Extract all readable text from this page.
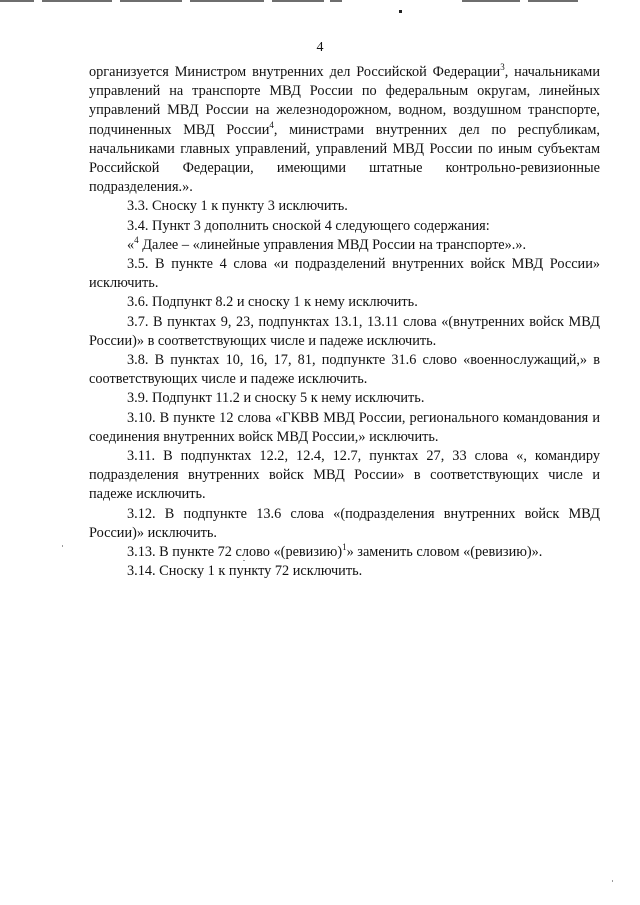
4

организуется Министром внутренних дел Российской Федерации$^3$, начальниками управлений на транспорте МВД России по федеральным округам, линейных управлений МВД России на железнодорожном, водном, воздушном транспорте, подчиненных МВД России$^4$, министрами внутренних дел по республикам, начальниками главных управлений, управлений МВД России по иным субъектам Российской Федерации, имеющими штатные контрольно-ревизионные подразделения.».

3.3. Сноску 1 к пункту 3 исключить.

3.4. Пункт 3 дополнить сноской 4 следующего содержания:

«$^4$ Далее – «линейные управления МВД России на транспорте».».

3.5. В пункте 4 слова «и подразделений внутренних войск МВД России» исключить.

3.6. Подпункт 8.2 и сноску 1 к нему исключить.

3.7. В пунктах 9, 23, подпунктах 13.1, 13.11 слова «(внутренних войск МВД России)» в соответствующих числе и падеже исключить.

3.8. В пунктах 10, 16, 17, 81, подпункте 31.6 слово «военнослужащий,» в соответствующих числе и падеже исключить.

3.9. Подпункт 11.2 и сноску 5 к нему исключить.

3.10. В пункте 12 слова «ГКВВ МВД России, регионального командования и соединения внутренних войск МВД России,» исключить.

3.11. В подпунктах 12.2, 12.4, 12.7, пунктах 27, 33 слова «, командиру подразделения внутренних войск МВД России» в соответствующих числе и падеже исключить.

3.12. В подпункте 13.6 слова «(подразделения внутренних войск МВД России)» исключить.

3.13. В пункте 72 слово «(ревизию)$^1$» заменить словом «(ревизию)».

3.14. Сноску 1 к пункту 72 исключить.
